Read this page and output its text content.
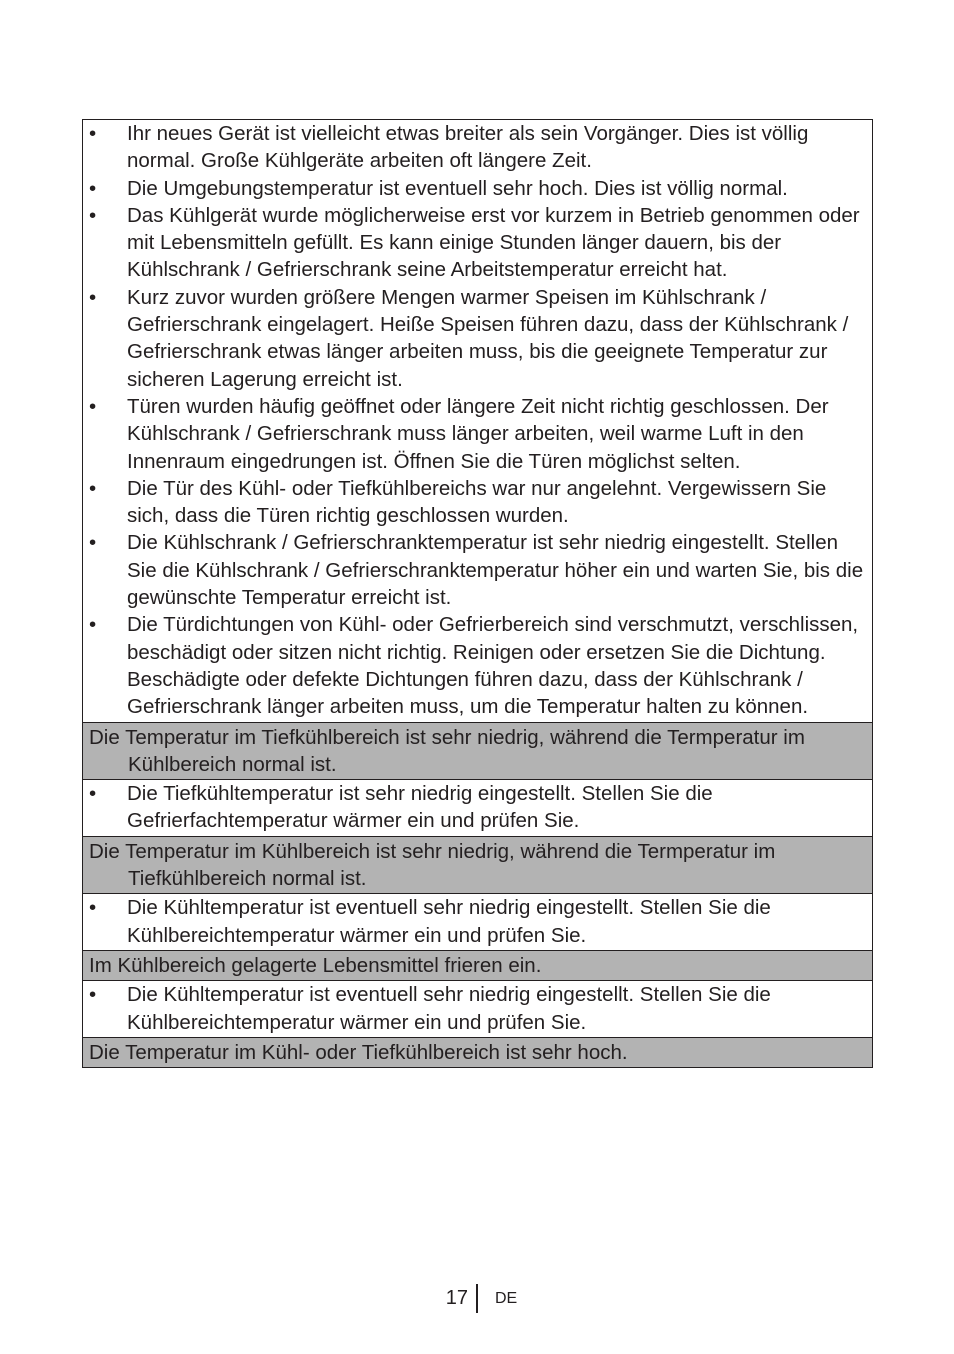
•	Ihr neues Gerät ist vielleicht etwas breiter als sein Vorgänger. Dies ist völlig normal. Große Kühlgeräte arbeiten oft längere Zeit.
•	Die Umgebungstemperatur ist eventuell sehr hoch. Dies ist völlig normal.
•	Das Kühlgerät wurde möglicherweise erst vor kurzem in Betrieb genommen oder mit Lebensmitteln gefüllt. Es kann einige Stunden länger dauern, bis der Kühlschrank / Gefrierschrank seine Arbeitstemperatur erreicht hat.
•	Kurz zuvor wurden größere Mengen warmer Speisen im Kühlschrank / Gefrierschrank eingelagert. Heiße Speisen führen dazu, dass der Kühlschrank / Gefrierschrank etwas länger arbeiten muss, bis die geeignete Temperatur zur sicheren Lagerung erreicht ist.
•	Türen wurden häufig geöffnet oder längere Zeit nicht richtig geschlossen. Der Kühlschrank / Gefrierschrank muss länger arbeiten, weil warme Luft in den Innenraum eingedrungen ist. Öffnen Sie die Türen möglichst selten.
•	Die Tür des Kühl- oder Tiefkühlbereichs war nur angelehnt. Vergewissern Sie sich, dass die Türen richtig geschlossen wurden.
•	Die Kühlschrank / Gefrierschranktemperatur ist sehr niedrig eingestellt. Stellen Sie die Kühlschrank / Gefrierschranktemperatur höher ein und warten Sie, bis die gewünschte Temperatur erreicht ist.
•	Die Türdichtungen von Kühl- oder Gefrierbereich sind verschmutzt, verschlissen, beschädigt oder sitzen nicht richtig. Reinigen oder ersetzen Sie die Dichtung. Beschädigte oder defekte Dichtungen führen dazu, dass der Kühlschrank / Gefrierschrank länger arbeiten muss, um die Temperatur halten zu können.
Die Temperatur im Tiefkühlbereich ist sehr niedrig, während die Termperatur im Kühlbereich normal ist.
•	Die Tiefkühltemperatur ist sehr niedrig eingestellt. Stellen Sie die Gefrierfachtemperatur wärmer ein und prüfen Sie.
Die Temperatur im Kühlbereich ist sehr niedrig, während die Termperatur im Tiefkühlbereich normal ist.
•	Die Kühltemperatur ist eventuell sehr niedrig eingestellt. Stellen Sie die Kühlbereichtemperatur wärmer ein und prüfen Sie.
Im Kühlbereich gelagerte Lebensmittel frieren ein.
•	Die Kühltemperatur ist eventuell sehr niedrig eingestellt. Stellen Sie die Kühlbereichtemperatur wärmer ein und prüfen Sie.
Die Temperatur im Kühl- oder Tiefkühlbereich ist sehr hoch.
17 DE
